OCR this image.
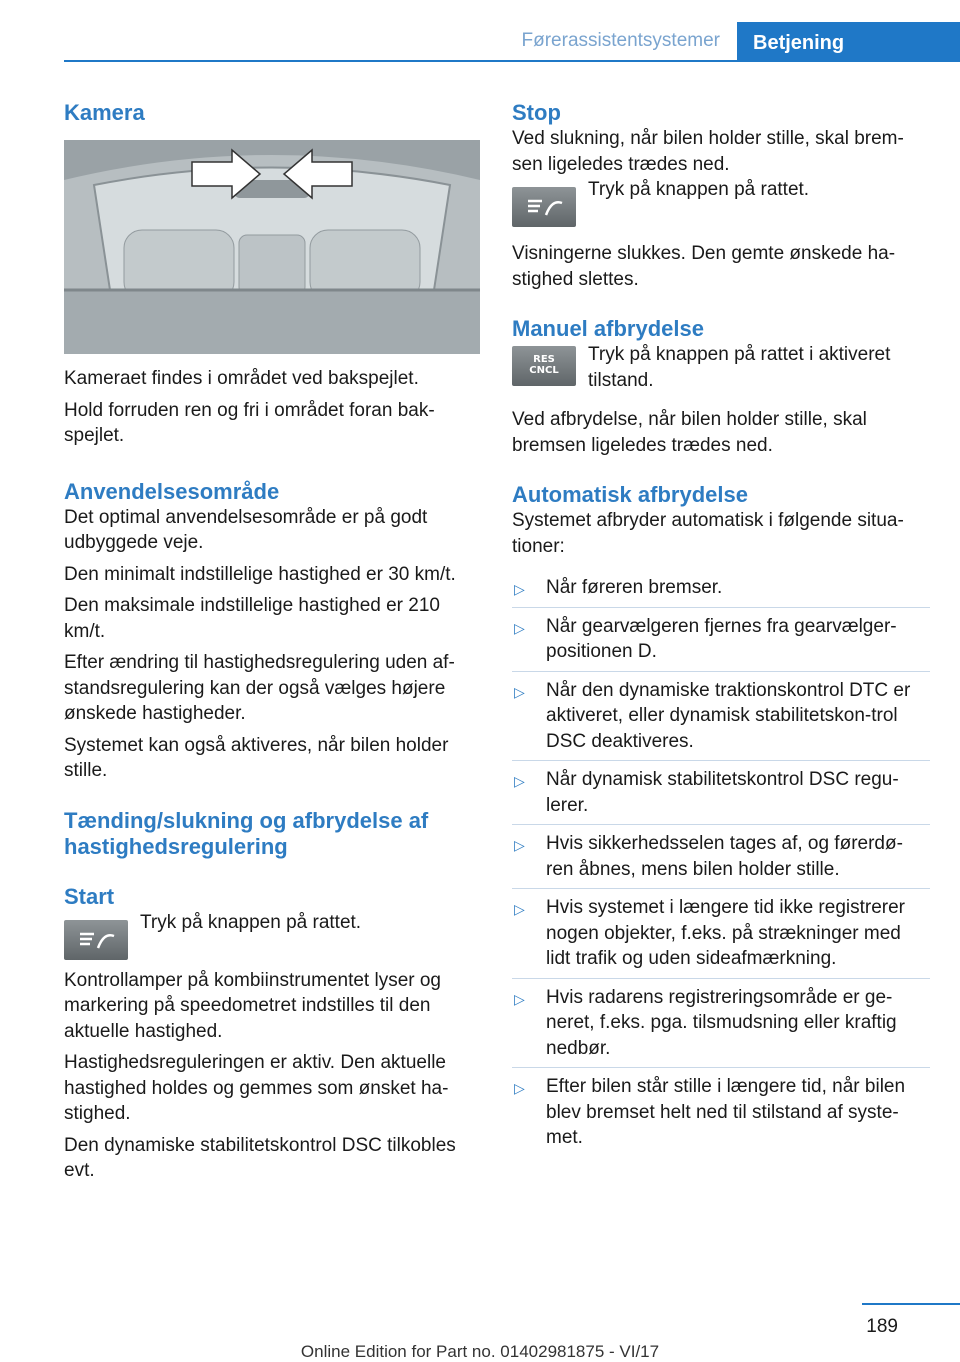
Førerassistentsystemer	Betjening
Kamera

Kameraet findes i området ved bakspejlet.

Hold forruden ren og fri i området foran bak-spejlet.

Anvendelsesområde

Det optimal anvendelsesområde er på godt udbyggede veje.

Den minimalt indstillelige hastighed er 30 km/t.

Den maksimale indstillelige hastighed er 210 km/t.

Efter ændring til hastighedsregulering uden af-standsregulering kan der også vælges højere ønskede hastigheder.

Systemet kan også aktiveres, når bilen holder stille.

Tænding/slukning og afbrydelse af hastighedsregulering
Start
Tryk på knappen på rattet.

Kontrollamper på kombiinstrumentet lyser og markering på speedometret indstilles til den aktuelle hastighed.

Hastighedsreguleringen er aktiv. Den aktuelle hastighed holdes og gemmes som ønsket ha-stighed.

Den dynamiske stabilitetskontrol DSC tilkobles evt.

Stop

Ved slukning, når bilen holder stille, skal brem-sen ligeledes trædes ned.

Tryk på knappen på rattet.

Visningerne slukkes. Den gemte ønskede ha-stighed slettes.

Manuel afbrydelse
RES
CNCL
Tryk på knappen på rattet i aktiveret tilstand.

Ved afbrydelse, når bilen holder stille, skal bremsen ligeledes trædes ned.

Automatisk afbrydelse

Systemet afbryder automatisk i følgende situa-tioner:

▷ Når føreren bremser.
▷ Når gearvælgeren fjernes fra gearvælger-positionen D.
▷ Når den dynamiske traktionskontrol DTC er aktiveret, eller dynamisk stabilitetskon-trol DSC deaktiveres.
▷ Når dynamisk stabilitetskontrol DSC regu-lerer.
▷ Hvis sikkerhedsselen tages af, og førerdø-ren åbnes, mens bilen holder stille.
▷ Hvis systemet i længere tid ikke registrerer nogen objekter, f.eks. på strækninger med lidt trafik og uden sideafmærkning.
▷ Hvis radarens registreringsområde er ge-neret, f.eks. pga. tilsmudsning eller kraftig nedbør.
▷ Efter bilen står stille i længere tid, når bilen blev bremset helt ned til stilstand af syste-met.
189
Online Edition for Part no. 01402981875 - VI/17
